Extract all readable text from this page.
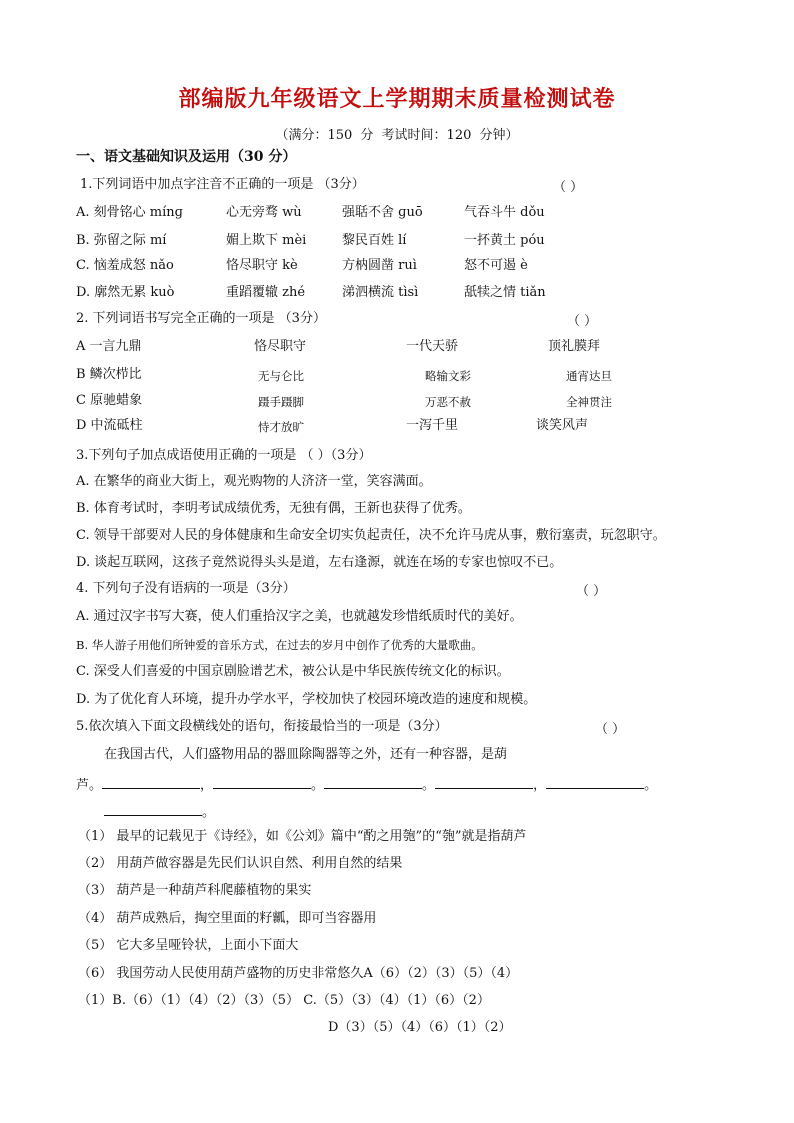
部编版九年级语文上学期期末质量检测试卷
（满分：150 分 考试时间：120 分钟）
一、语文基础知识及运用（30 分）
1.下列词语中加点字注音不正确的一项是 （3分）	（ ）
A. 刻骨铭心 mínɡ	心无旁骛 wù	强聒不舍 ɡuō	气吞斗牛 dǒu
B. 弥留之际 mí	媚上欺下 mèi	黎民百姓 lí	一抔黄土 póu
C. 恼羞成怒 nǎo	恪尽职守 kè	方枘圆凿 ruì	怒不可遏 è
D. 廓然无累 kuò	重蹈覆辙 zhé	涕泗横流 tìsì	舐犊之情 tiǎn
2. 下列词语书写完全正确的一项是 （3分）	（ ）
A 一言九鼎	恪尽职守	一代天骄	顶礼膜拜
B 鳞次栉比	无与仑比	略输文彩	通宵达旦
C 原驰蜡象	蹑手蹑脚	万恶不赦	全神贯注
D 中流砥柱	恃才放旷	一泻千里	谈笑风声
3.下列句子加点成语使用正确的一项是 （ ）（3分）
A. 在繁华的商业大街上，观光购物的人济济一堂，笑容满面。
B. 体育考试时，李明考试成绩优秀，无独有偶，王新也获得了优秀。
C. 领导干部要对人民的身体健康和生命安全切实负起责任，决不允许马虎从事，敷衍塞责，玩忽职守。
D. 谈起互联网，这孩子竟然说得头头是道，左右逢源，就连在场的专家也惊叹不已。
4. 下列句子没有语病的一项是（3分）	（ ）
A. 通过汉字书写大赛，使人们重拾汉字之美，也就越发珍惜纸质时代的美好。
B. 华人游子用他们所钟爱的音乐方式，在过去的岁月中创作了优秀的大量歌曲。
C. 深受人们喜爱的中国京剧脸谱艺术，被公认是中华民族传统文化的标识。
D. 为了优化育人环境，提升办学水平，学校加快了校园环境改造的速度和规模。
5.依次填入下面文段横线处的语句，衔接最恰当的一项是（3分）	（ ）
在我国古代，人们盛物用品的器皿除陶器等之外，还有一种容器，是葫
芦。	，	。	。	，	。
。
（1） 最早的记载见于《诗经》，如《公刘》篇中“酌之用匏”的“匏”就是指葫芦
（2） 用葫芦做容器是先民们认识自然、利用自然的结果
（3） 葫芦是一种葫芦科爬藤植物的果实
（4） 葫芦成熟后，掏空里面的籽瓤，即可当容器用
（5） 它大多呈哑铃状，上面小下面大
（6） 我国劳动人民使用葫芦盛物的历史非常悠久A（6）（2）（3）（5）（4）
（1）B.（6）（1）（4）（2）（3）（5） C.（5）（3）（4）（1）（6）（2）
D（3）（5）（4）（6）（1）（2）
